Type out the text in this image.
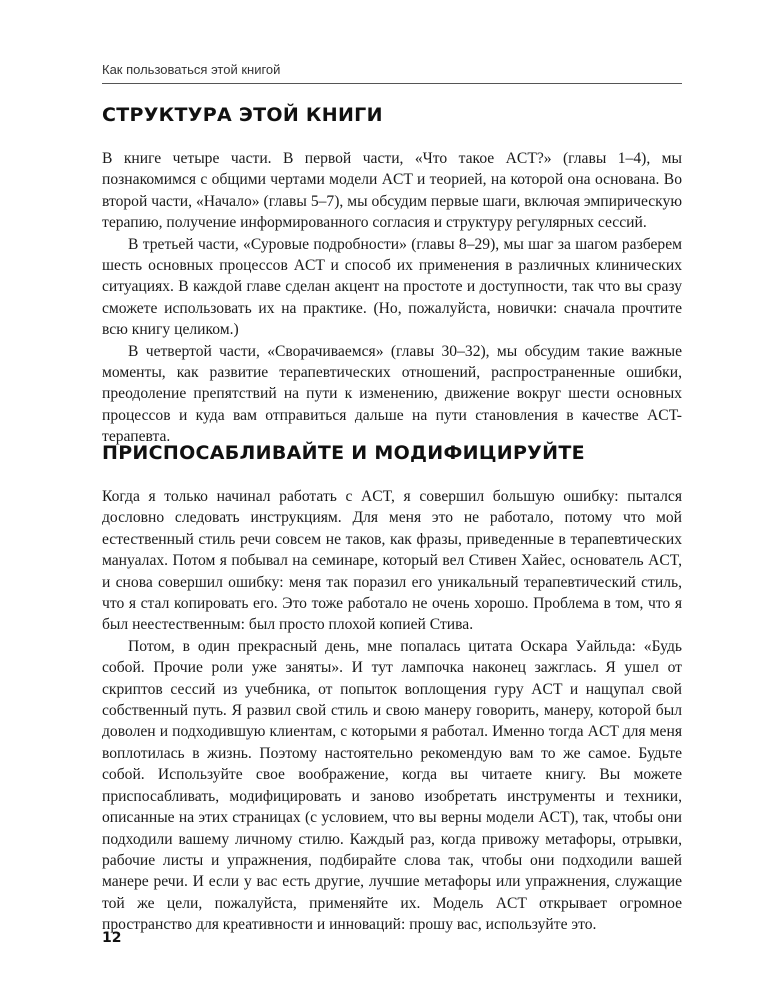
Как пользоваться этой книгой
СТРУКТУРА ЭТОЙ КНИГИ

В книге четыре части. В первой части, «Что такое ACT?» (главы 1–4), мы познакомимся с общими чертами модели ACT и теорией, на которой она основана. Во второй части, «Начало» (главы 5–7), мы обсудим первые шаги, включая эмпирическую терапию, получение информированного согласия и структуру регулярных сессий.

В третьей части, «Суровые подробности» (главы 8–29), мы шаг за шагом разберем шесть основных процессов ACT и способ их применения в различных клинических ситуациях. В каждой главе сделан акцент на простоте и доступности, так что вы сразу сможете использовать их на практике. (Но, пожалуйста, новички: сначала прочтите всю книгу целиком.)

В четвертой части, «Сворачиваемся» (главы 30–32), мы обсудим такие важные моменты, как развитие терапевтических отношений, распространенные ошибки, преодоление препятствий на пути к изменению, движение вокруг шести основных процессов и куда вам отправиться дальше на пути становления в качестве ACT-терапевта.

ПРИСПОСАБЛИВАЙТЕ И МОДИФИЦИРУЙТЕ

Когда я только начинал работать с ACT, я совершил большую ошибку: пытался дословно следовать инструкциям. Для меня это не работало, потому что мой естественный стиль речи совсем не таков, как фразы, приведенные в терапевтических мануалах. Потом я побывал на семинаре, который вел Стивен Хайес, основатель ACT, и снова совершил ошибку: меня так поразил его уникальный терапевтический стиль, что я стал копировать его. Это тоже работало не очень хорошо. Проблема в том, что я был неестественным: был просто плохой копией Стива.

Потом, в один прекрасный день, мне попалась цитата Оскара Уайльда: «Будь собой. Прочие роли уже заняты». И тут лампочка наконец зажглась. Я ушел от скриптов сессий из учебника, от попыток воплощения гуру ACT и нащупал свой собственный путь. Я развил свой стиль и свою манеру говорить, манеру, которой был доволен и подходившую клиентам, с которыми я работал. Именно тогда ACT для меня воплотилась в жизнь. Поэтому настоятельно рекомендую вам то же самое. Будьте собой. Используйте свое воображение, когда вы читаете книгу. Вы можете приспосабливать, модифицировать и заново изобретать инструменты и техники, описанные на этих страницах (с условием, что вы верны модели ACT), так, чтобы они подходили вашему личному стилю. Каждый раз, когда привожу метафоры, отрывки, рабочие листы и упражнения, подбирайте слова так, чтобы они подходили вашей манере речи. И если у вас есть другие, лучшие метафоры или упражнения, служащие той же цели, пожалуйста, применяйте их. Модель ACT открывает огромное пространство для креативности и инноваций: прошу вас, используйте это.

12
